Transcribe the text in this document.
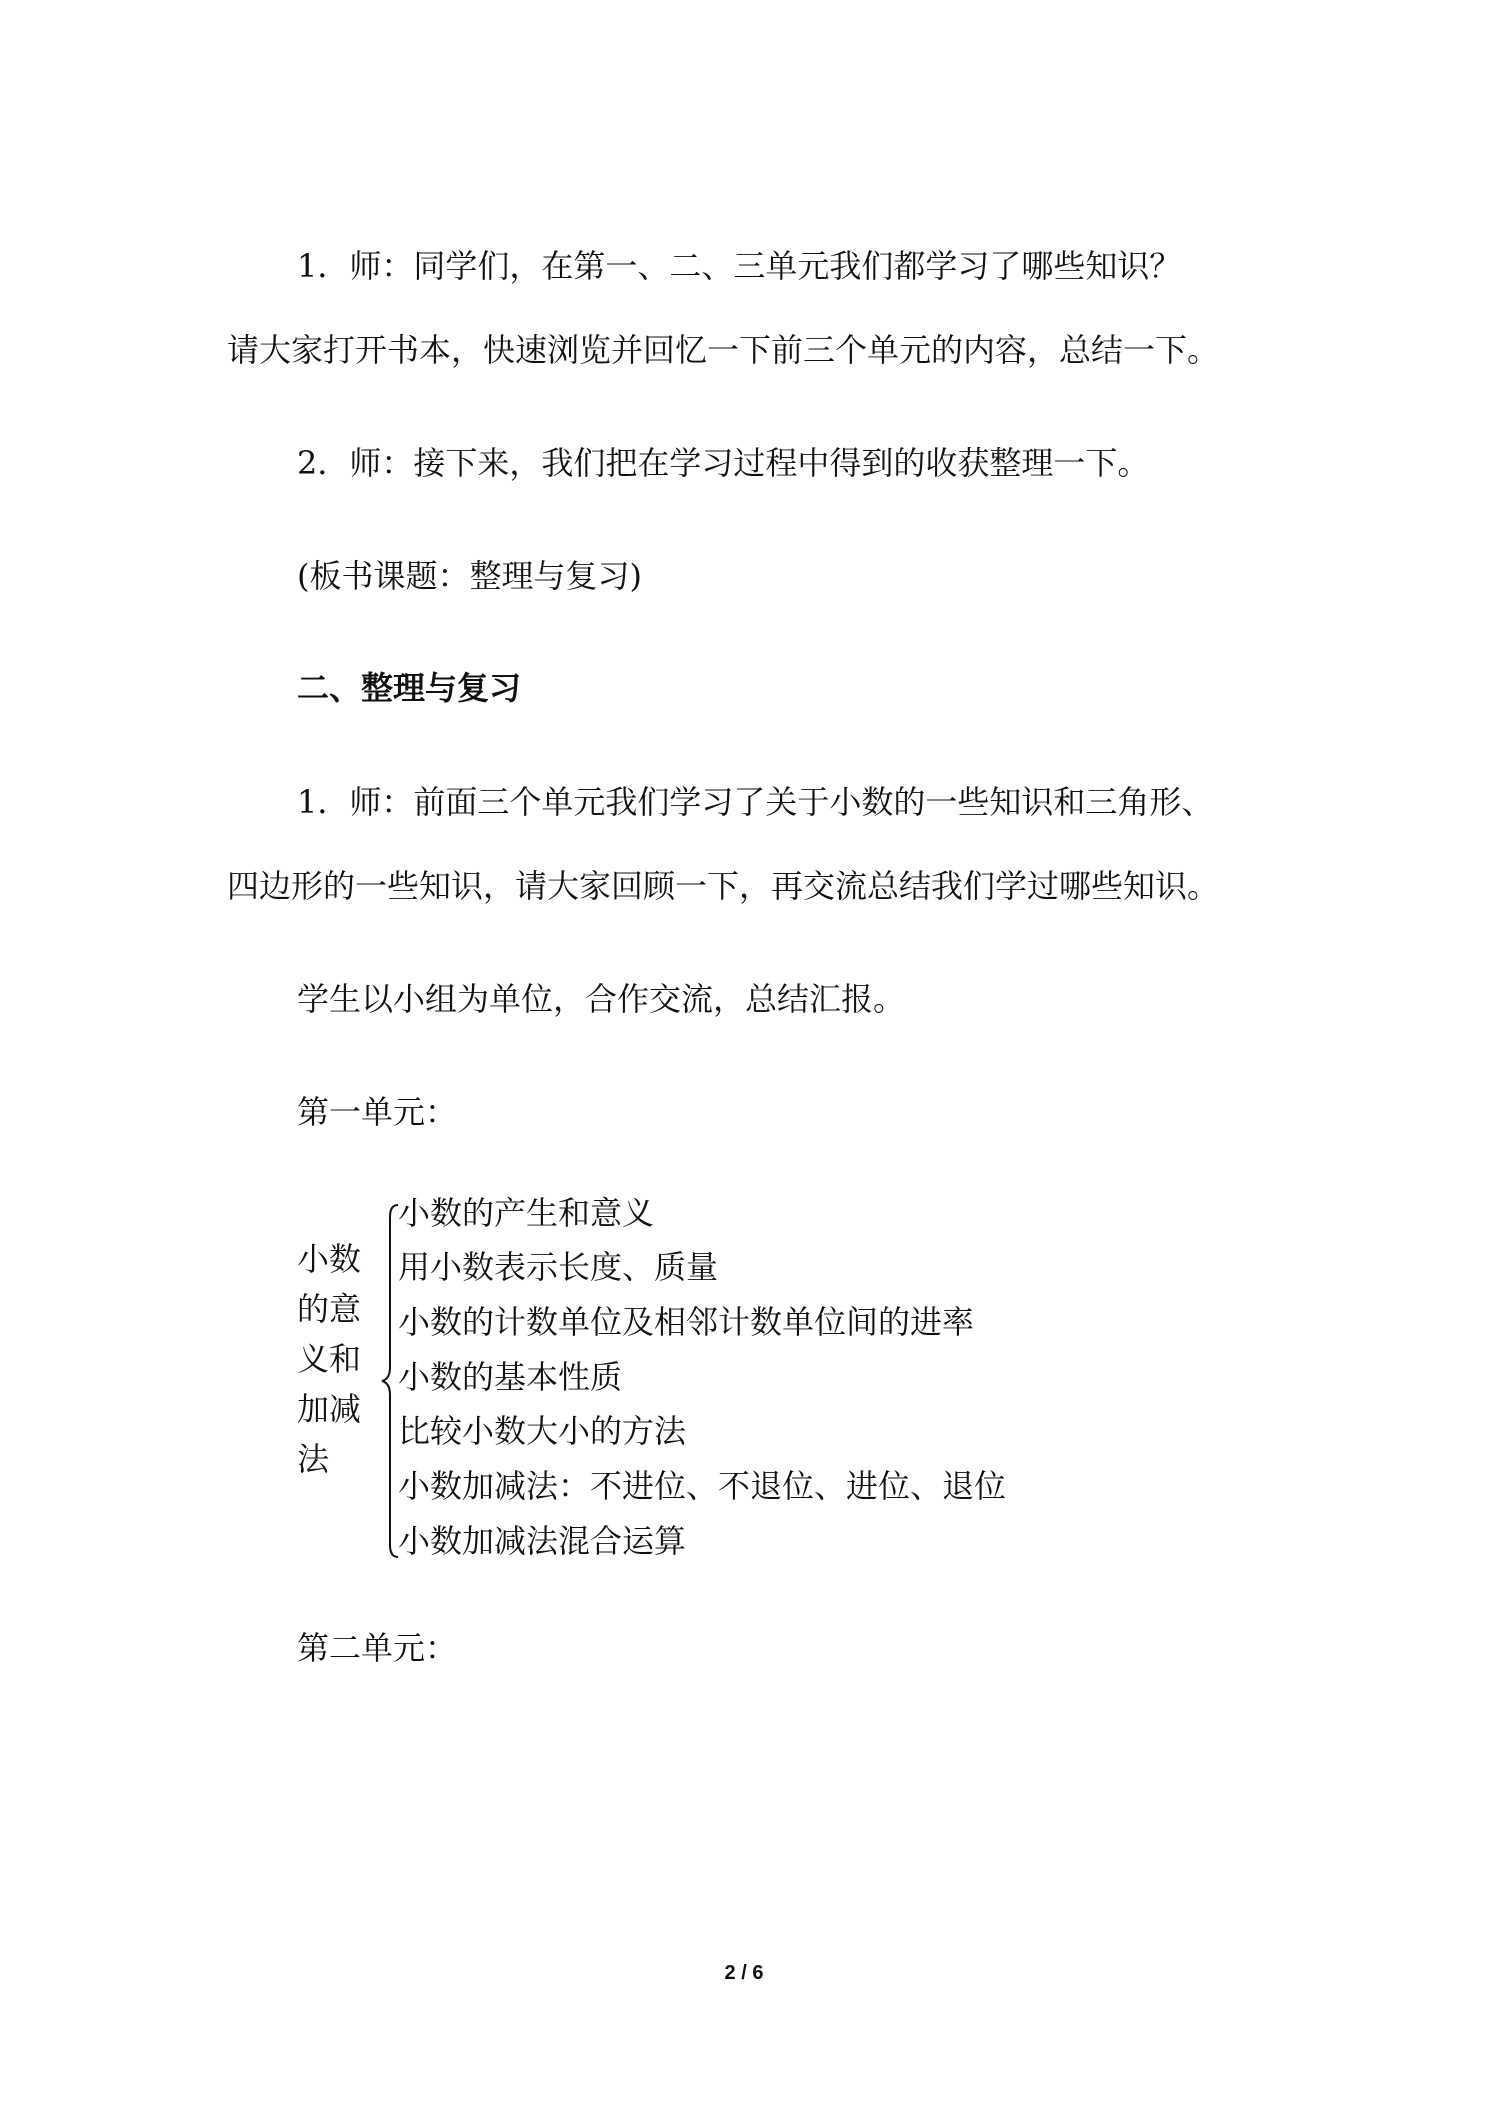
1．师：同学们，在第一、二、三单元我们都学习了哪些知识？
请大家打开书本，快速浏览并回忆一下前三个单元的内容，总结一下。
2．师：接下来，我们把在学习过程中得到的收获整理一下。
(板书课题：整理与复习)
二、整理与复习
1．师：前面三个单元我们学习了关于小数的一些知识和三角形、
四边形的一些知识，请大家回顾一下，再交流总结我们学过哪些知识。
学生以小组为单位，合作交流，总结汇报。
第一单元：
小数
的意
义和
加减
法
小数的产生和意义
用小数表示长度、质量
小数的计数单位及相邻计数单位间的进率
小数的基本性质
比较小数大小的方法
小数加减法：不进位、不退位、进位、退位
小数加减法混合运算
第二单元：
2 / 6
